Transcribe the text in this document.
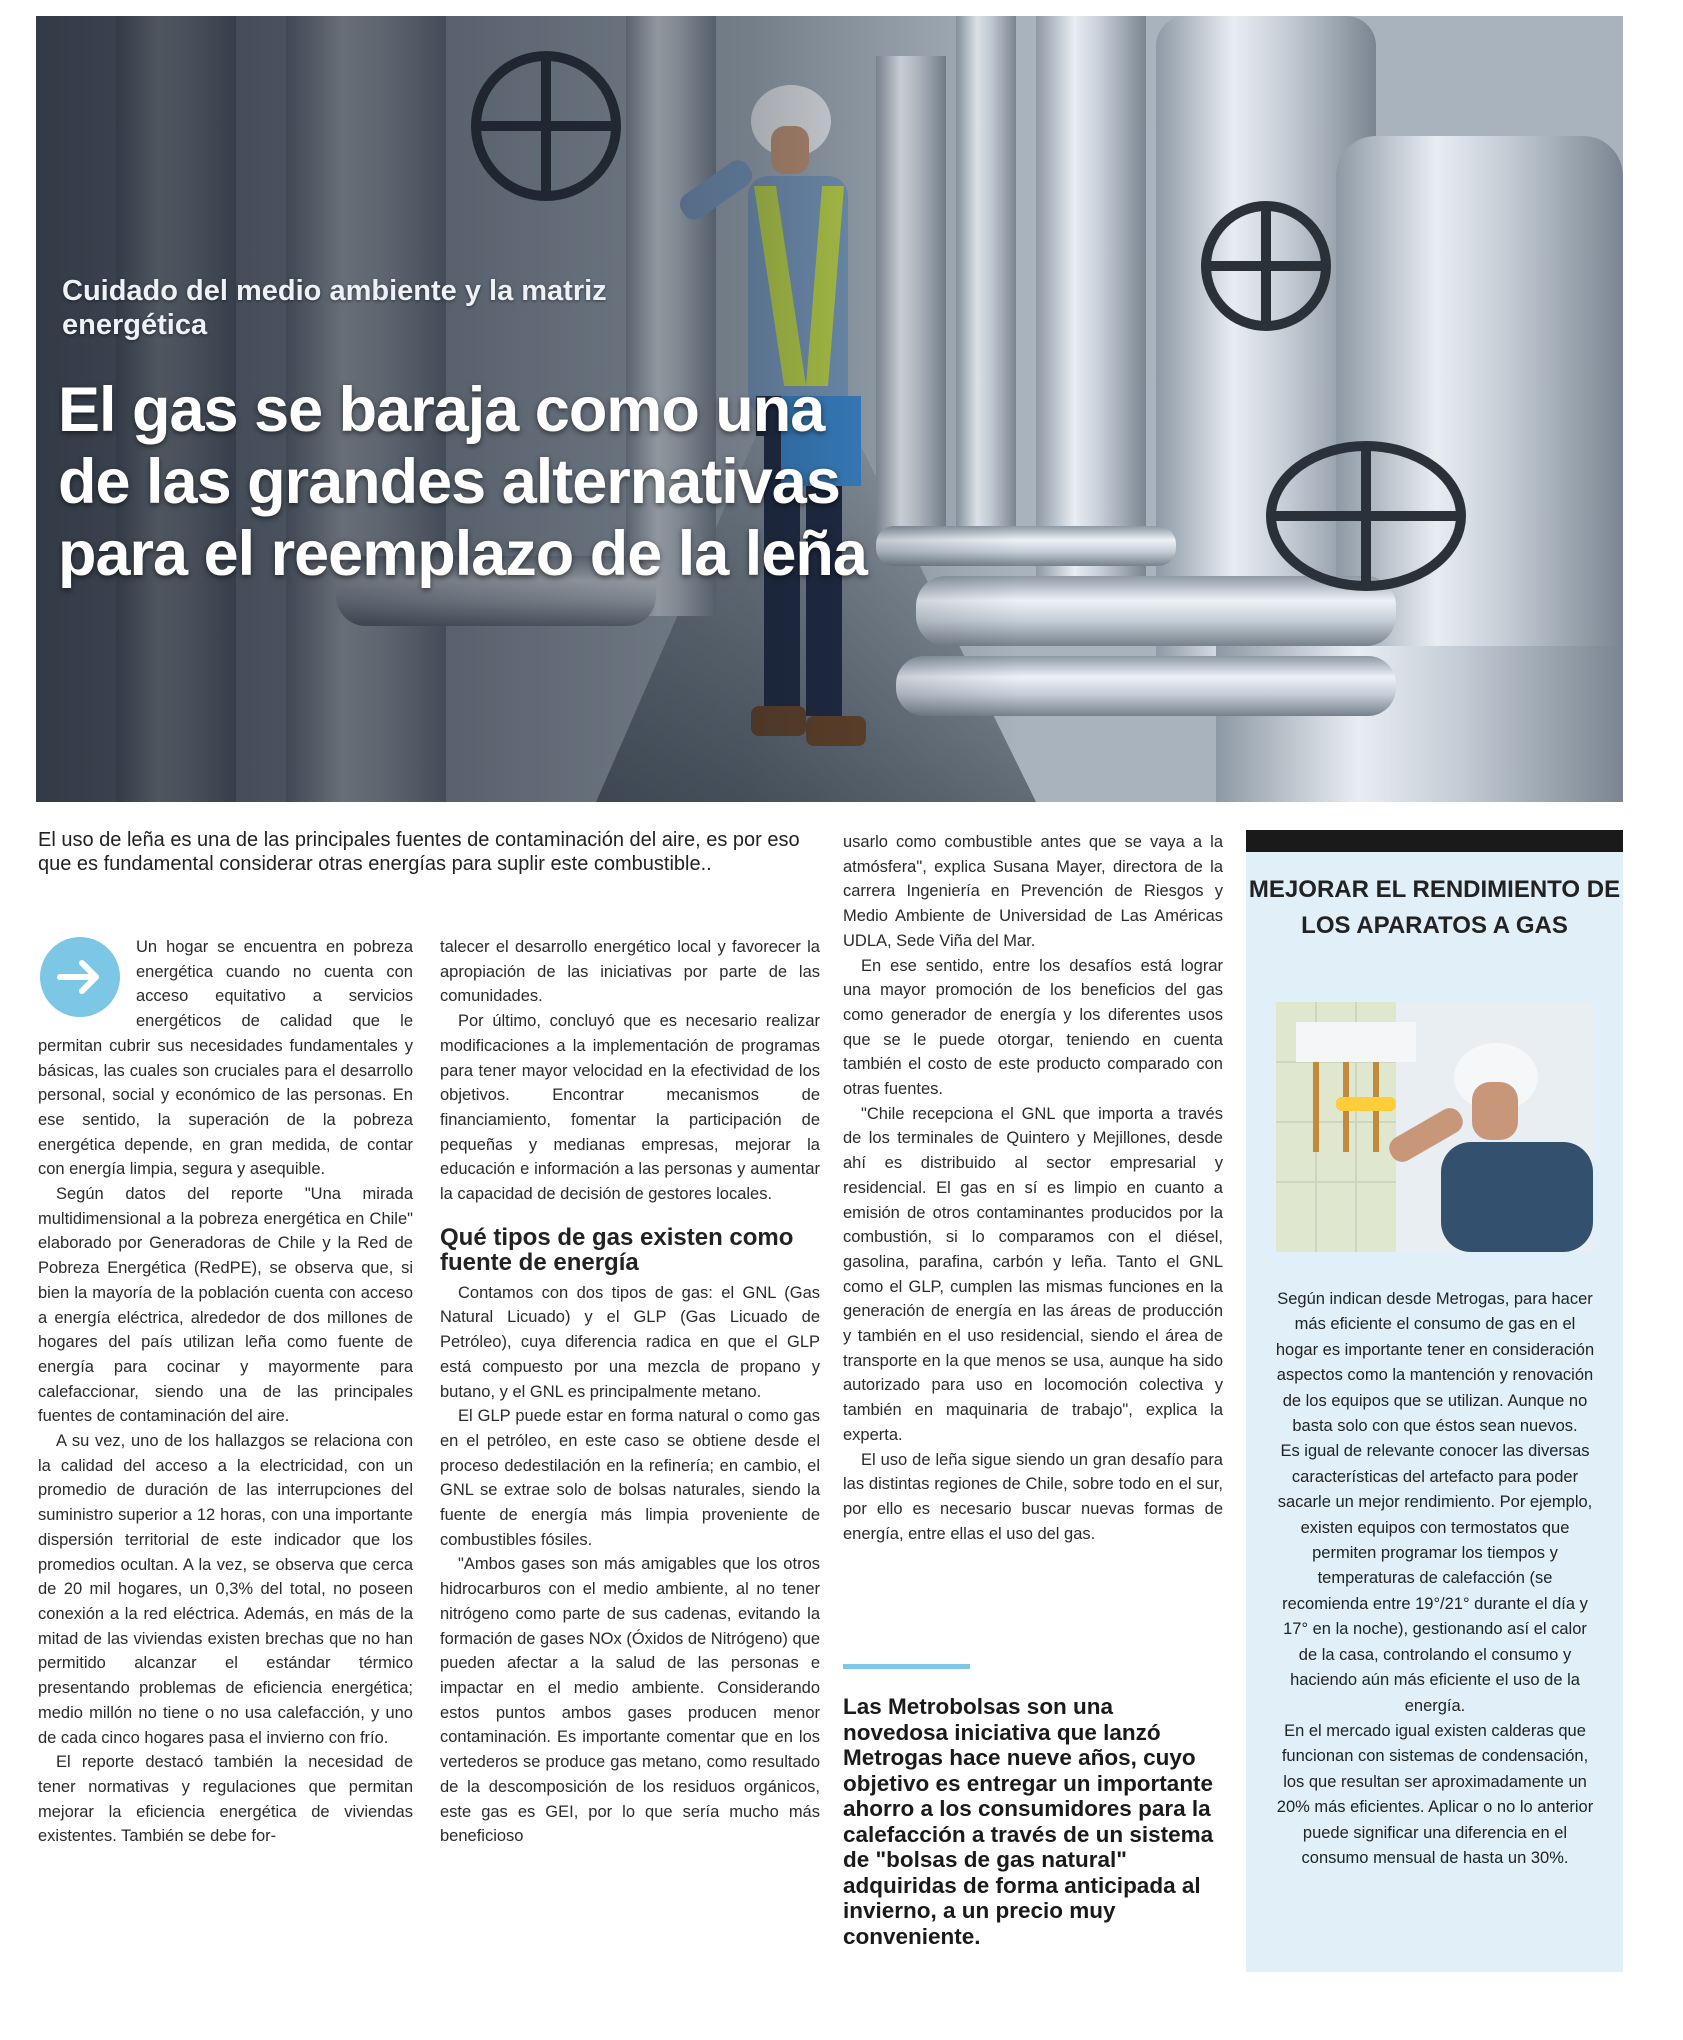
Cuidado del medio ambiente y la matriz energética
El gas se baraja como una de las grandes alternativas para el reemplazo de la leña
El uso de leña es una de las principales fuentes de contaminación del aire, es por eso que es fundamental considerar otras energías para suplir este combustible..

Un hogar se encuentra en pobreza energética cuando no cuenta con acceso equitativo a servicios energéticos de calidad que le permitan cubrir sus necesidades fundamentales y básicas, las cuales son cruciales para el desarrollo personal, social y económico de las personas. En ese sentido, la superación de la pobreza energética depende, en gran medida, de contar con energía limpia, segura y asequible.

Según datos del reporte "Una mirada multidimensional a la pobreza energética en Chile" elaborado por Generadoras de Chile y la Red de Pobreza Energética (RedPE), se observa que, si bien la mayoría de la población cuenta con acceso a energía eléctrica, alrededor de dos millones de hogares del país utilizan leña como fuente de energía para cocinar y mayormente para calefaccionar, siendo una de las principales fuentes de contaminación del aire.

A su vez, uno de los hallazgos se relaciona con la calidad del acceso a la electricidad, con un promedio de duración de las interrupciones del suministro superior a 12 horas, con una importante dispersión territorial de este indicador que los promedios ocultan. A la vez, se observa que cerca de 20 mil hogares, un 0,3% del total, no poseen conexión a la red eléctrica. Además, en más de la mitad de las viviendas existen brechas que no han permitido alcanzar el estándar térmico presentando problemas de eficiencia energética; medio millón no tiene o no usa calefacción, y uno de cada cinco hogares pasa el invierno con frío.

El reporte destacó también la necesidad de tener normativas y regulaciones que permitan mejorar la eficiencia energética de viviendas existentes. También se debe for-

talecer el desarrollo energético local y favorecer la apropiación de las iniciativas por parte de las comunidades.

Por último, concluyó que es necesario realizar modificaciones a la implementación de programas para tener mayor velocidad en la efectividad de los objetivos. Encontrar mecanismos de financiamiento, fomentar la participación de pequeñas y medianas empresas, mejorar la educación e información a las personas y aumentar la capacidad de decisión de gestores locales.

Qué tipos de gas existen como fuente de energía

Contamos con dos tipos de gas: el GNL (Gas Natural Licuado) y el GLP (Gas Licuado de Petróleo), cuya diferencia radica en que el GLP está compuesto por una mezcla de propano y butano, y el GNL es principalmente metano.

El GLP puede estar en forma natural o como gas en el petróleo, en este caso se obtiene desde el proceso dedestilación en la refinería; en cambio, el GNL se extrae solo de bolsas naturales, siendo la fuente de energía más limpia proveniente de combustibles fósiles.

"Ambos gases son más amigables que los otros hidrocarburos con el medio ambiente, al no tener nitrógeno como parte de sus cadenas, evitando la formación de gases NOx (Óxidos de Nitrógeno) que pueden afectar a la salud de las personas e impactar en el medio ambiente. Considerando estos puntos ambos gases producen menor contaminación. Es importante comentar que en los vertederos se produce gas metano, como resultado de la descomposición de los residuos orgánicos, este gas es GEI, por lo que sería mucho más beneficioso

usarlo como combustible antes que se vaya a la atmósfera", explica Susana Mayer, directora de la carrera Ingeniería en Prevención de Riesgos y Medio Ambiente de Universidad de Las Américas UDLA, Sede Viña del Mar.

En ese sentido, entre los desafíos está lograr una mayor promoción de los beneficios del gas como generador de energía y los diferentes usos que se le puede otorgar, teniendo en cuenta también el costo de este producto comparado con otras fuentes.

"Chile recepciona el GNL que importa a través de los terminales de Quintero y Mejillones, desde ahí es distribuido al sector empresarial y residencial. El gas en sí es limpio en cuanto a emisión de otros contaminantes producidos por la combustión, si lo comparamos con el diésel, gasolina, parafina, carbón y leña. Tanto el GNL como el GLP, cumplen las mismas funciones en la generación de energía en las áreas de producción y también en el uso residencial, siendo el área de transporte en la que menos se usa, aunque ha sido autorizado para uso en locomoción colectiva y también en maquinaria de trabajo", explica la experta.

El uso de leña sigue siendo un gran desafío para las distintas regiones de Chile, sobre todo en el sur, por ello es necesario buscar nuevas formas de energía, entre ellas el uso del gas.

Las Metrobolsas son una novedosa iniciativa que lanzó Metrogas hace nueve años, cuyo objetivo es entregar un importante ahorro a los consumidores para la calefacción a través de un sistema de "bolsas de gas natural" adquiridas de forma anticipada al invierno, a un precio muy conveniente.
MEJORAR EL RENDIMIENTO DE LOS APARATOS A GAS

Según indican desde Metrogas, para hacer más eficiente el consumo de gas en el hogar es importante tener en consideración aspectos como la mantención y renovación de los equipos que se utilizan. Aunque no basta solo con que éstos sean nuevos.

Es igual de relevante conocer las diversas características del artefacto para poder sacarle un mejor rendimiento. Por ejemplo, existen equipos con termostatos que permiten programar los tiempos y temperaturas de calefacción (se recomienda entre 19°/21° durante el día y 17° en la noche), gestionando así el calor de la casa, controlando el consumo y haciendo aún más eficiente el uso de la energía.

En el mercado igual existen calderas que funcionan con sistemas de condensación, los que resultan ser aproximadamente un 20% más eficientes. Aplicar o no lo anterior puede significar una diferencia en el consumo mensual de hasta un 30%.
